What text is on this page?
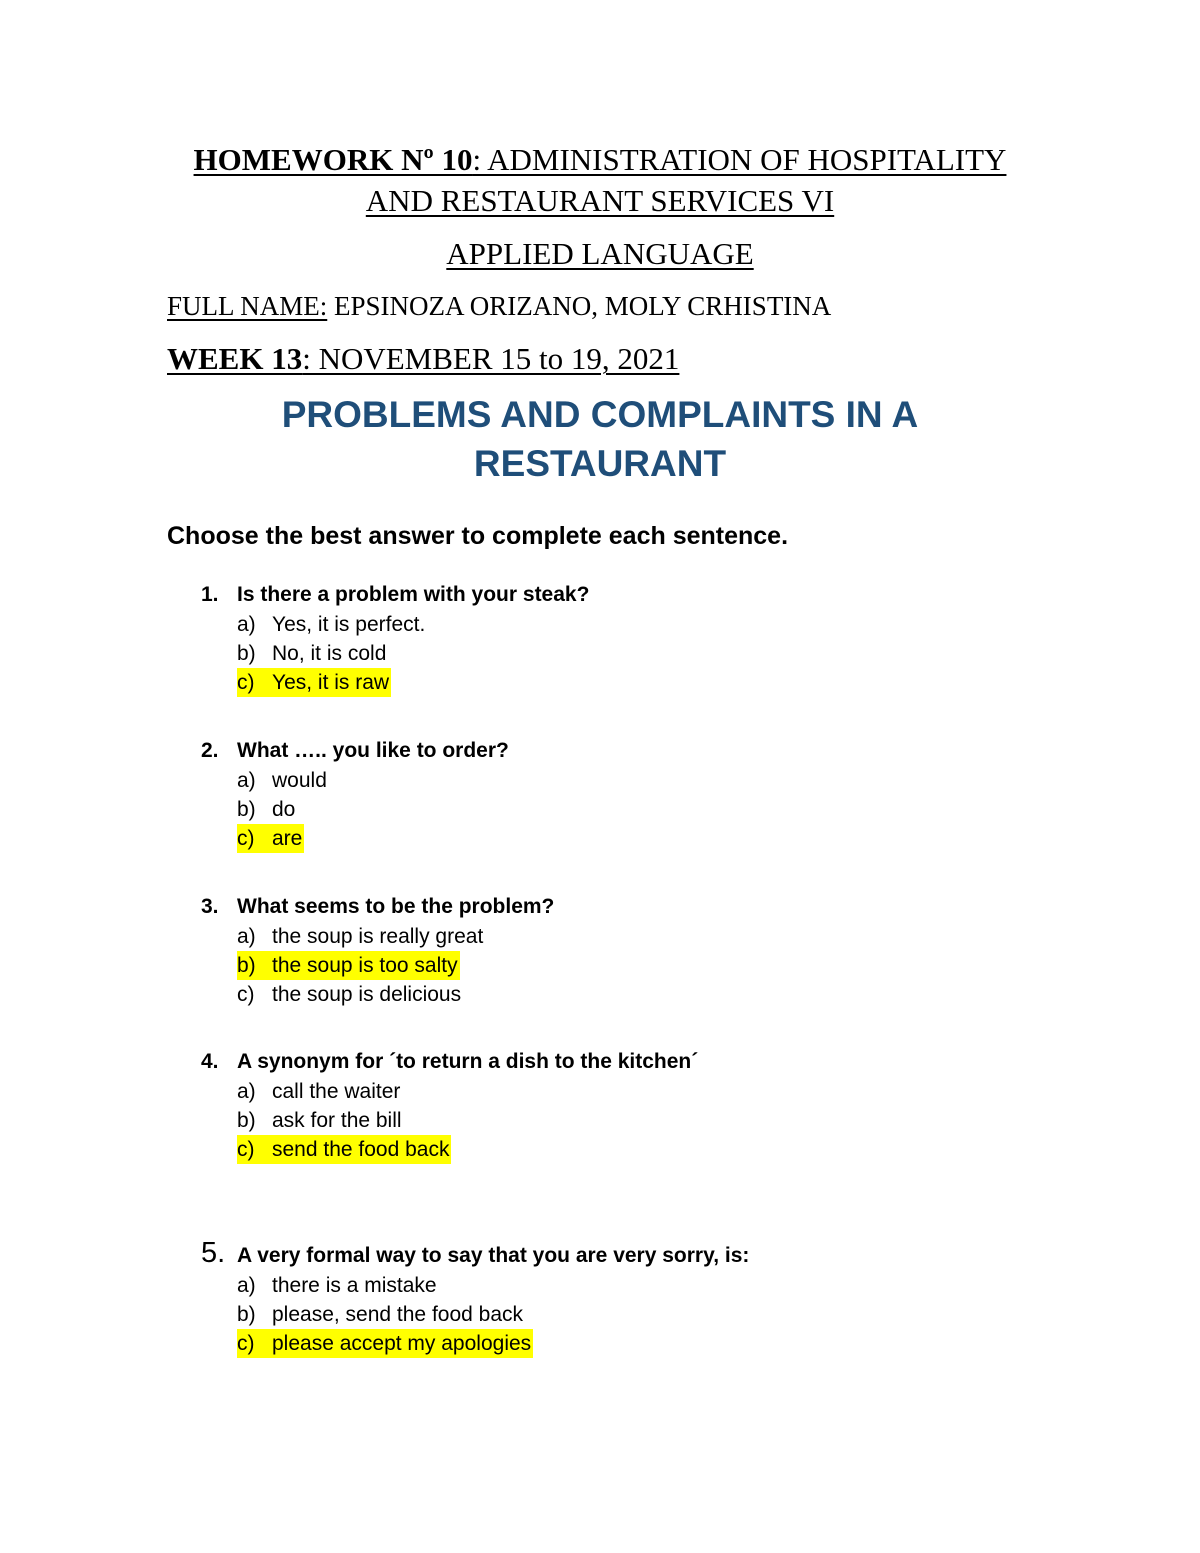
HOMEWORK Nº 10: ADMINISTRATION OF HOSPITALITY
AND RESTAURANT SERVICES VI
APPLIED LANGUAGE
FULL NAME: EPSINOZA ORIZANO, MOLY CRHISTINA
WEEK 13: NOVEMBER 15 to 19, 2021
PROBLEMS AND COMPLAINTS IN A
RESTAURANT
Choose the best answer to complete each sentence.
1. Is there a problem with your steak?
a) Yes, it is perfect.
b) No, it is cold
c) Yes, it is raw
2. What ….. you like to order?
a) would
b) do
c) are
3. What seems to be the problem?
a) the soup is really great
b) the soup is too salty
c) the soup is delicious
4. A synonym for ´to return a dish to the kitchen´
a) call the waiter
b) ask for the bill
c) send the food back
5. A very formal way to say that you are very sorry, is:
a) there is a mistake
b) please, send the food back
c) please accept my apologies
